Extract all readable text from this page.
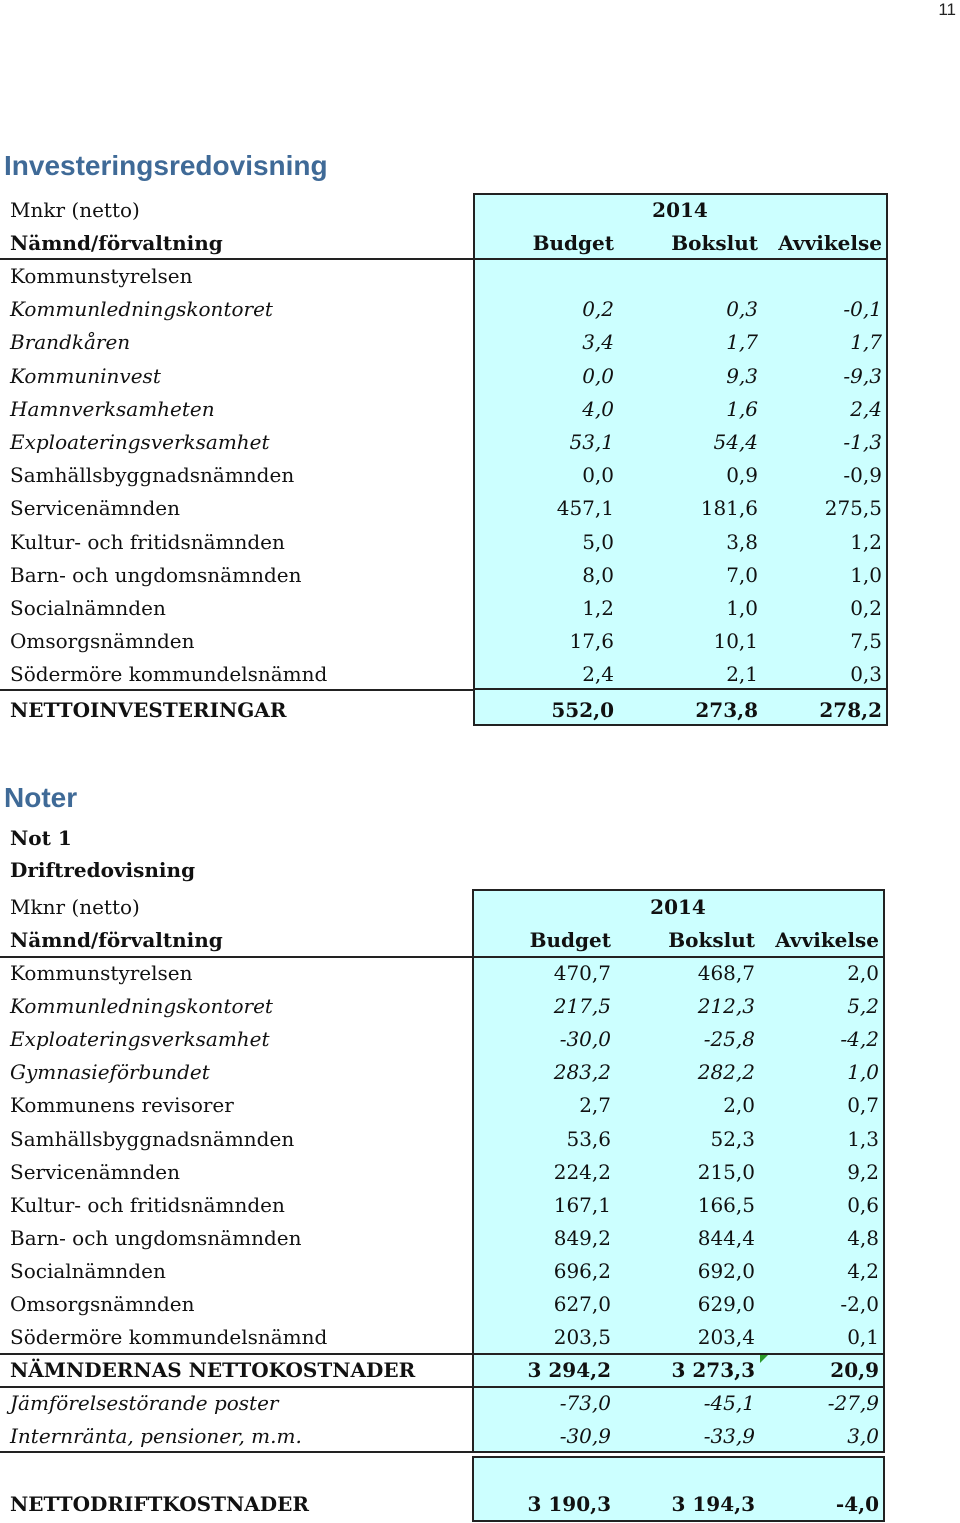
11
Investeringsredovisning
Mnkr (netto)	2014
Nämnd/förvaltning	Budget	Bokslut	Avvikelse
Kommunstyrelsen
Kommunledningskontoret	0,2	0,3	-0,1
Brandkåren	3,4	1,7	1,7
Kommuninvest	0,0	9,3	-9,3
Hamnverksamheten	4,0	1,6	2,4
Exploateringsverksamhet	53,1	54,4	-1,3
Samhällsbyggnadsnämnden	0,0	0,9	-0,9
Servicenämnden	457,1	181,6	275,5
Kultur- och fritidsnämnden	5,0	3,8	1,2
Barn- och ungdomsnämnden	8,0	7,0	1,0
Socialnämnden	1,2	1,0	0,2
Omsorgsnämnden	17,6	10,1	7,5
Södermöre kommundelsnämnd	2,4	2,1	0,3
NETTOINVESTERINGAR	552,0	273,8	278,2
Noter
Not 1
Driftredovisning
Mknr (netto)	2014
Nämnd/förvaltning	Budget	Bokslut	Avvikelse
Kommunstyrelsen	470,7	468,7	2,0
Kommunledningskontoret	217,5	212,3	5,2
Exploateringsverksamhet	-30,0	-25,8	-4,2
Gymnasieförbundet	283,2	282,2	1,0
Kommunens revisorer	2,7	2,0	0,7
Samhällsbyggnadsnämnden	53,6	52,3	1,3
Servicenämnden	224,2	215,0	9,2
Kultur- och fritidsnämnden	167,1	166,5	0,6
Barn- och ungdomsnämnden	849,2	844,4	4,8
Socialnämnden	696,2	692,0	4,2
Omsorgsnämnden	627,0	629,0	-2,0
Södermöre kommundelsnämnd	203,5	203,4	0,1
NÄMNDERNAS NETTOKOSTNADER	3 294,2	3 273,3	20,9
Jämförelsestörande poster	-73,0	-45,1	-27,9
Internränta, pensioner, m.m.	-30,9	-33,9	3,0
NETTODRIFTKOSTNADER	3 190,3	3 194,3	-4,0
